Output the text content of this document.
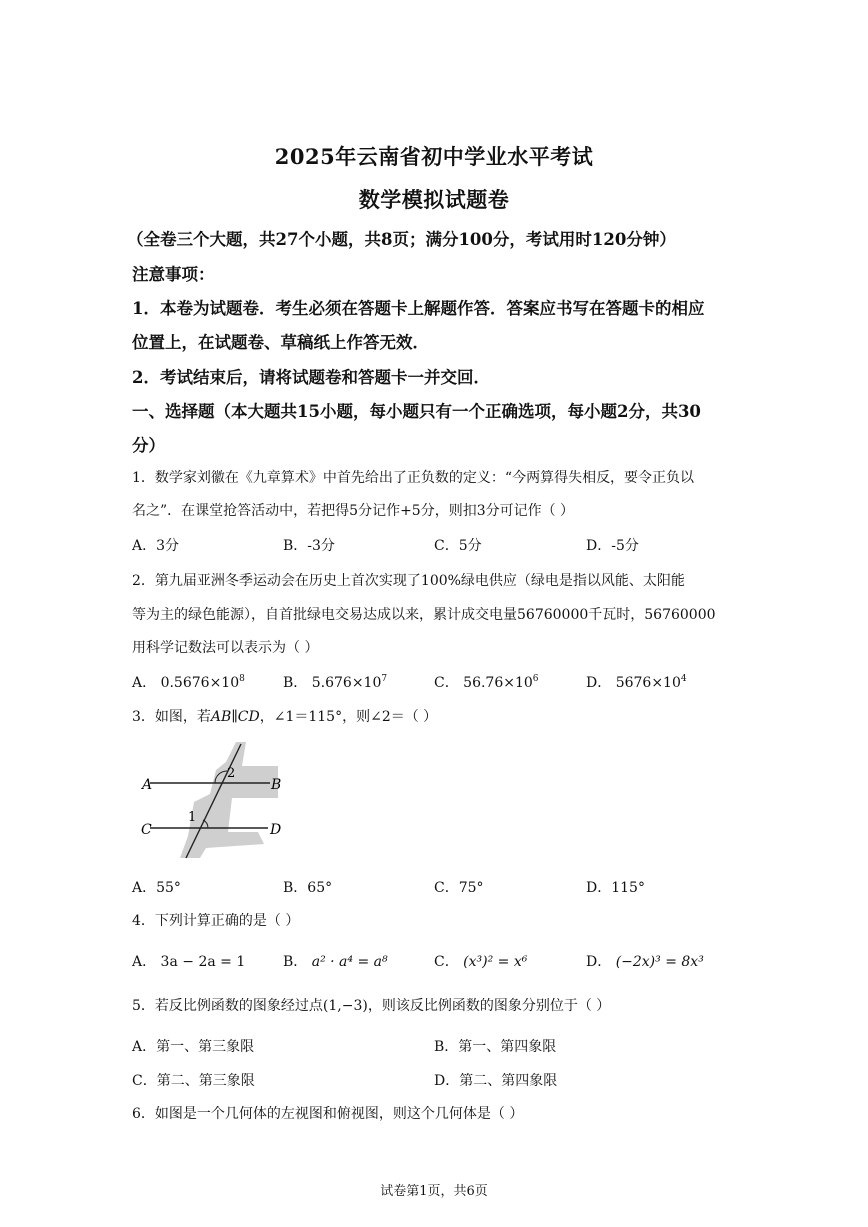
2025年云南省初中学业水平考试
数学模拟试题卷
（全卷三个大题，共27个小题，共8页；满分100分，考试用时120分钟）
注意事项：
1．本卷为试题卷．考生必须在答题卡上解题作答．答案应书写在答题卡的相应
位置上，在试题卷、草稿纸上作答无效．
2．考试结束后，请将试题卷和答题卡一并交回．
一、选择题（本大题共15小题，每小题只有一个正确选项，每小题2分，共30
分）
1．数学家刘徽在《九章算术》中首先给出了正负数的定义：“今两算得失相反，要令正负以
名之”．在课堂抢答活动中，若把得5分记作+5分，则扣3分可记作（ ）
A．3分	B．-3分	C．5分	D．-5分
2．第九届亚洲冬季运动会在历史上首次实现了100%绿电供应（绿电是指以风能、太阳能
等为主的绿色能源），自首批绿电交易达成以来，累计成交电量56760000千瓦时，56760000
用科学记数法可以表示为（ ）
A． $0.5676\times 10^8$	B． $5.676\times 10^7$	C． $56.76\times 10^6$	D． $5676\times 10^4$
3．如图，若AB∥CD，∠1＝115°，则∠2＝（ ）
A	B
C	D
1
2
A．55°	B．65°	C．75°	D．115°
4．下列计算正确的是（ ）
A． 3a − 2a = 1	B． a² · a⁴ = a⁸	C． (x³)² = x⁶	D． (−2x)³ = 8x³
5．若反比例函数的图象经过点(1,−3)，则该反比例函数的图象分别位于（ ）
A．第一、第三象限	B．第一、第四象限
C．第二、第三象限	D．第二、第四象限
6．如图是一个几何体的左视图和俯视图，则这个几何体是（ ）
试卷第1页，共6页
